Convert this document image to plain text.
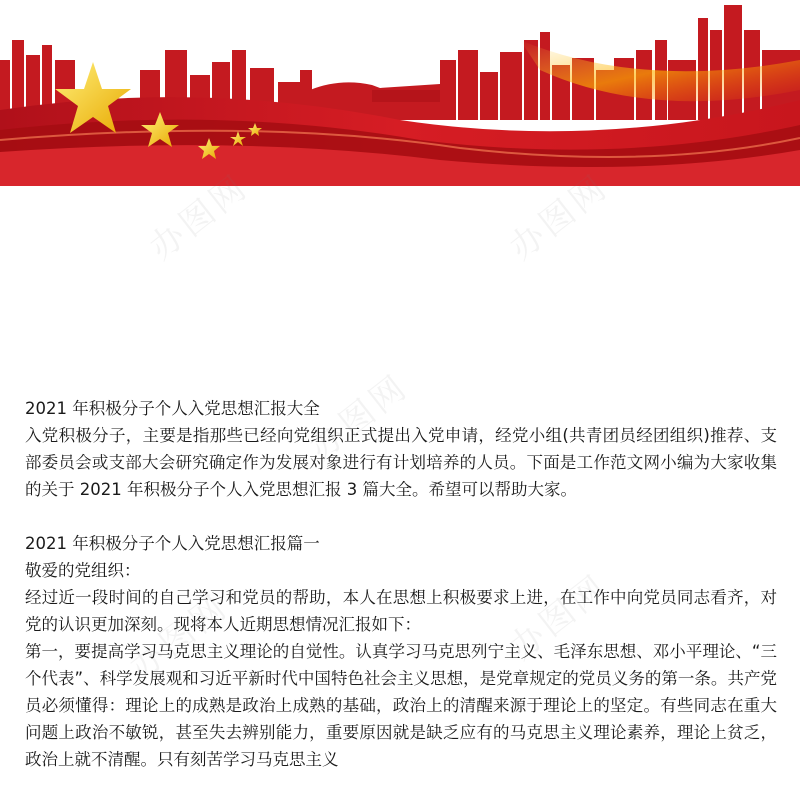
办图网	办图网
办图网
办图网
办图网

2021 年积极分子个人入党思想汇报大全

入党积极分子，主要是指那些已经向党组织正式提出入党申请，经党小组(共青团员经团组织)推荐、支部委员会或支部大会研究确定作为发展对象进行有计划培养的人员。下面是工作范文网小编为大家收集的关于 2021 年积极分子个人入党思想汇报 3 篇大全。希望可以帮助大家。

2021 年积极分子个人入党思想汇报篇一

敬爱的党组织：

经过近一段时间的自己学习和党员的帮助，本人在思想上积极要求上进，在工作中向党员同志看齐，对党的认识更加深刻。现将本人近期思想情况汇报如下：

第一，要提高学习马克思主义理论的自觉性。认真学习马克思列宁主义、毛泽东思想、邓小平理论、“三个代表”、科学发展观和习近平新时代中国特色社会主义思想，是党章规定的党员义务的第一条。共产党员必须懂得：理论上的成熟是政治上成熟的基础，政治上的清醒来源于理论上的坚定。有些同志在重大问题上政治不敏锐，甚至失去辨别能力，重要原因就是缺乏应有的马克思主义理论素养，理论上贫乏，政治上就不清醒。只有刻苦学习马克思主义
